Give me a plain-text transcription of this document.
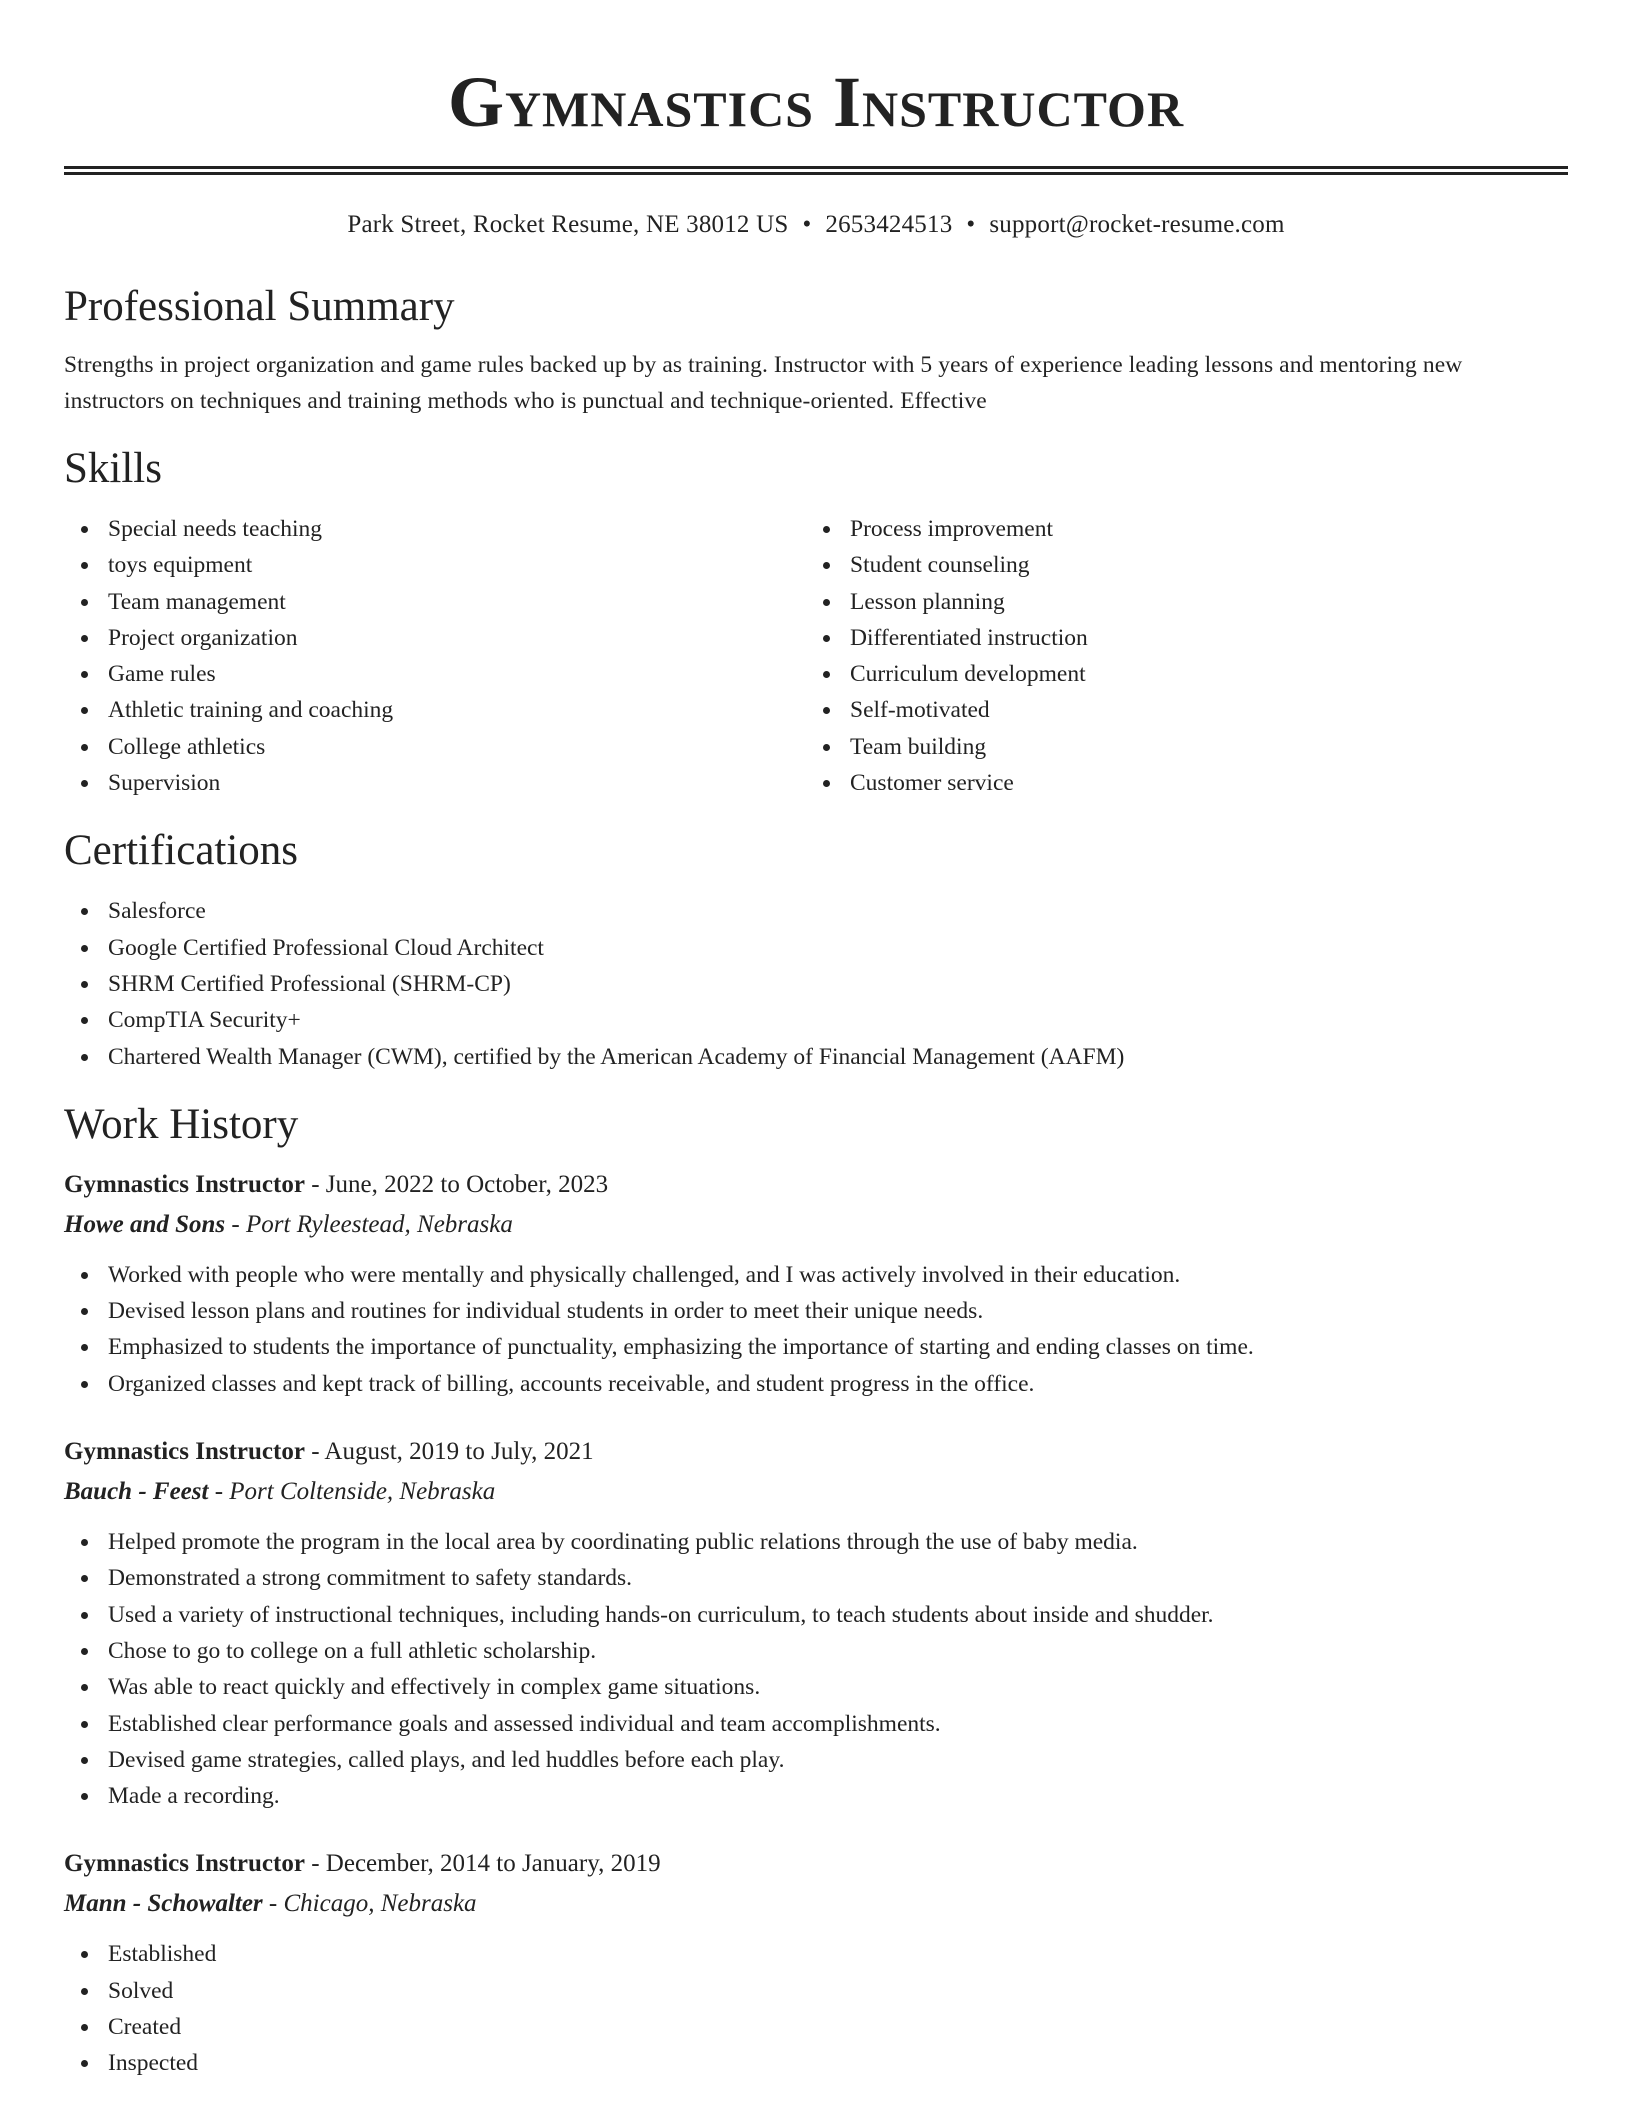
Gymnastics Instructor
Park Street, Rocket Resume, NE 38012 US • 2653424513 • support@rocket-resume.com
Professional Summary
Strengths in project organization and game rules backed up by as training. Instructor with 5 years of experience leading lessons and mentoring new instructors on techniques and training methods who is punctual and technique-oriented. Effective
Skills
Special needs teaching
toys equipment
Team management
Project organization
Game rules
Athletic training and coaching
College athletics
Supervision
Process improvement
Student counseling
Lesson planning
Differentiated instruction
Curriculum development
Self-motivated
Team building
Customer service
Certifications
Salesforce
Google Certified Professional Cloud Architect
SHRM Certified Professional (SHRM-CP)
CompTIA Security+
Chartered Wealth Manager (CWM), certified by the American Academy of Financial Management (AAFM)
Work History
Gymnastics Instructor - June, 2022 to October, 2023
Howe and Sons - Port Ryleestead, Nebraska
Worked with people who were mentally and physically challenged, and I was actively involved in their education.
Devised lesson plans and routines for individual students in order to meet their unique needs.
Emphasized to students the importance of punctuality, emphasizing the importance of starting and ending classes on time.
Organized classes and kept track of billing, accounts receivable, and student progress in the office.
Gymnastics Instructor - August, 2019 to July, 2021
Bauch - Feest - Port Coltenside, Nebraska
Helped promote the program in the local area by coordinating public relations through the use of baby media.
Demonstrated a strong commitment to safety standards.
Used a variety of instructional techniques, including hands-on curriculum, to teach students about inside and shudder.
Chose to go to college on a full athletic scholarship.
Was able to react quickly and effectively in complex game situations.
Established clear performance goals and assessed individual and team accomplishments.
Devised game strategies, called plays, and led huddles before each play.
Made a recording.
Gymnastics Instructor - December, 2014 to January, 2019
Mann - Schowalter - Chicago, Nebraska
Established
Solved
Created
Inspected
